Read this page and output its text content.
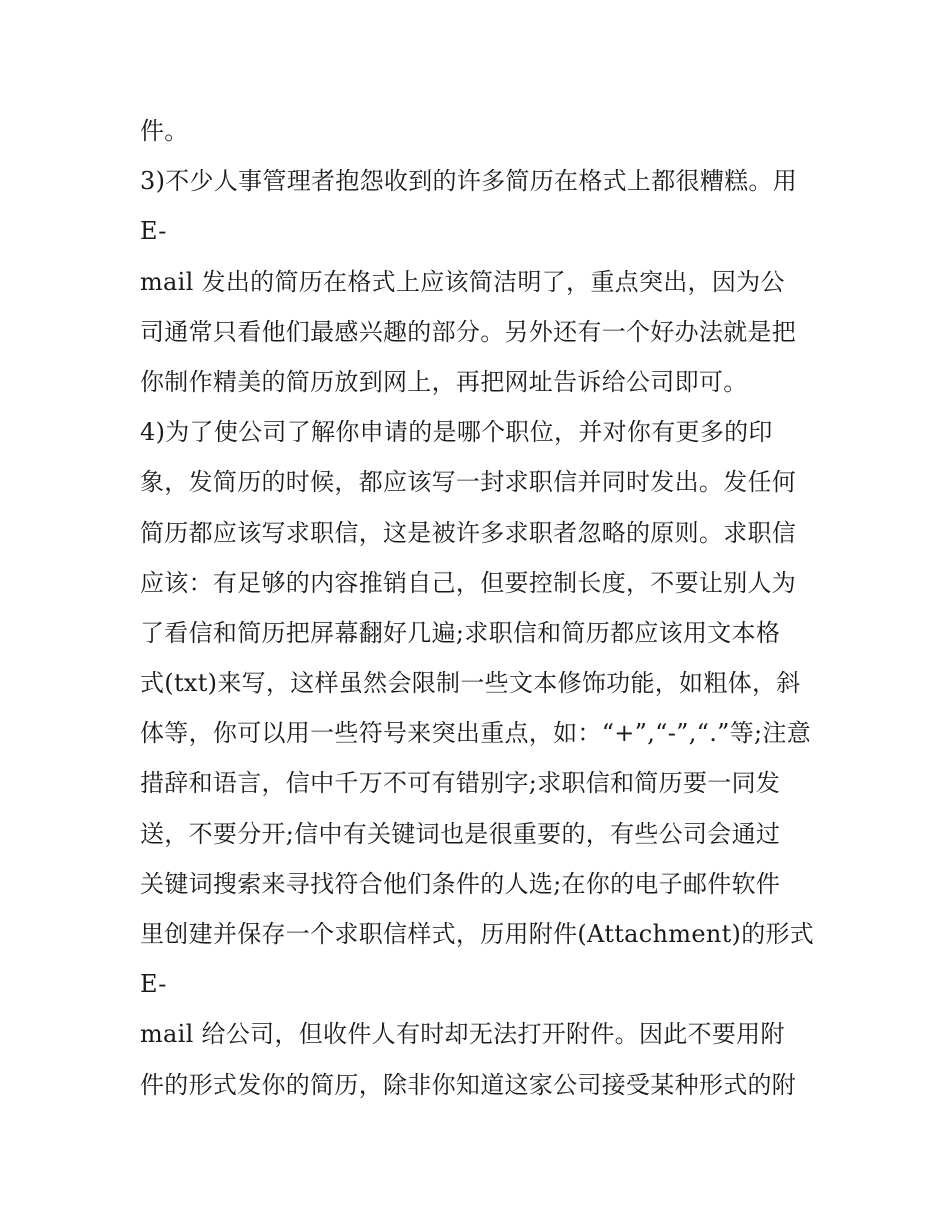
件。
3)不少人事管理者抱怨收到的许多简历在格式上都很糟糕。用
E-
mail 发出的简历在格式上应该简洁明了，重点突出，因为公
司通常只看他们最感兴趣的部分。另外还有一个好办法就是把
你制作精美的简历放到网上，再把网址告诉给公司即可。
4)为了使公司了解你申请的是哪个职位，并对你有更多的印
象，发简历的时候，都应该写一封求职信并同时发出。发任何
简历都应该写求职信，这是被许多求职者忽略的原则。求职信
应该：有足够的内容推销自己，但要控制长度，不要让别人为
了看信和简历把屏幕翻好几遍;求职信和简历都应该用文本格
式(txt)来写，这样虽然会限制一些文本修饰功能，如粗体，斜
体等，你可以用一些符号来突出重点，如：“+”,“-”,“.”等;注意
措辞和语言，信中千万不可有错别字;求职信和简历要一同发
送，不要分开;信中有关键词也是很重要的，有些公司会通过
关键词搜索来寻找符合他们条件的人选;在你的电子邮件软件
里创建并保存一个求职信样式，历用附件(Attachment)的形式
E-
mail 给公司，但收件人有时却无法打开附件。因此不要用附
件的形式发你的简历，除非你知道这家公司接受某种形式的附
